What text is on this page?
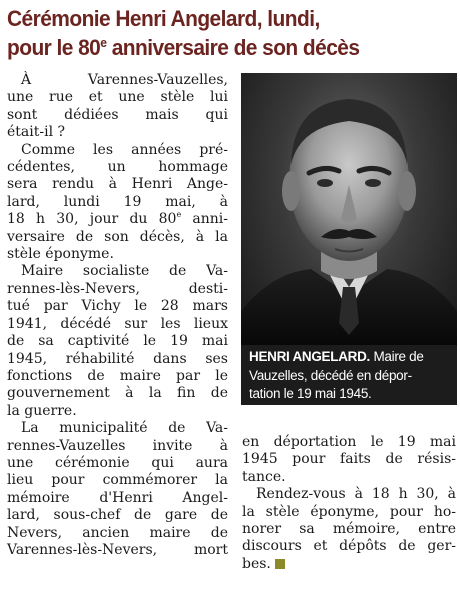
Cérémonie Henri Angelard, lundi,
pour le 80e anniversaire de son décès

À Varennes-Vauzelles,
une rue et une stèle lui
sont dédiées mais qui
était-il ?

Comme les années pré-
cédentes, un hommage
sera rendu à Henri Ange-
lard, lundi 19 mai, à
18 h 30, jour du 80e anni-
versaire de son décès, à la
stèle éponyme.

Maire socialiste de Va-
rennes-lès-Nevers, desti-
tué par Vichy le 28 mars
1941, décédé sur les lieux
de sa captivité le 19 mai
1945, réhabilité dans ses
fonctions de maire par le
gouvernement à la fin de
la guerre.

La municipalité de Va-
rennes-Vauzelles invite à
une cérémonie qui aura
lieu pour commémorer la
mémoire d'Henri Angel-
lard, sous-chef de gare de
Nevers, ancien maire de
Varennes-lès-Nevers, mort

HENRI ANGELARD. Maire de
Vauzelles, décédé en dépor-
tation le 19 mai 1945.

en déportation le 19 mai
1945 pour faits de résis-
tance.

Rendez-vous à 18 h 30, à
la stèle éponyme, pour ho-
norer sa mémoire, entre
discours et dépôts de ger-
bes.
